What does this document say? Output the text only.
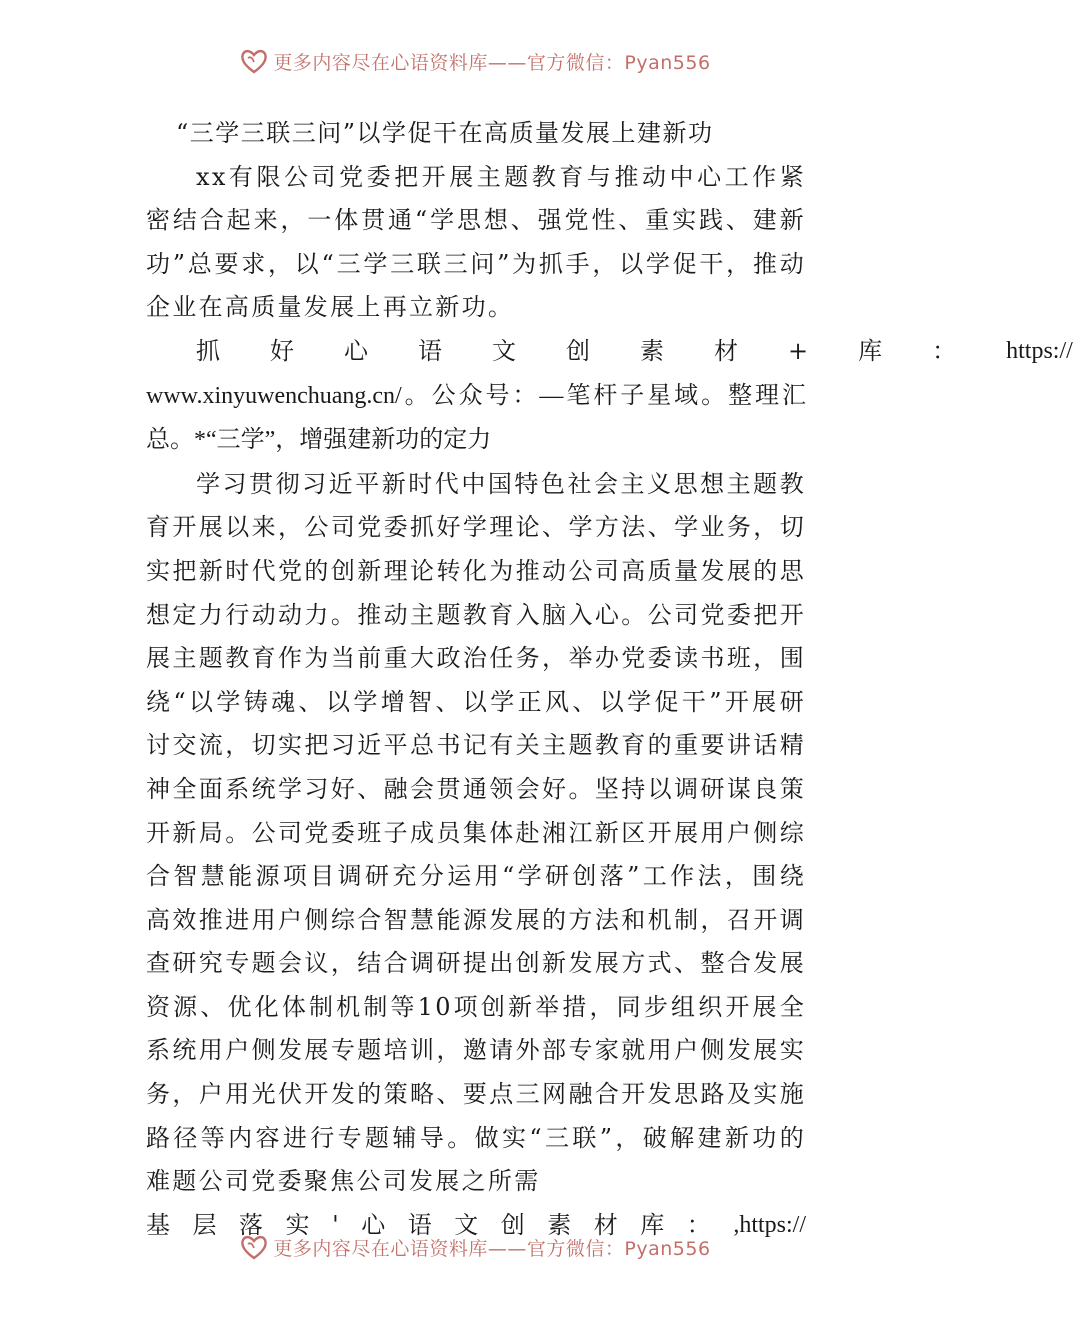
更多内容尽在心语资料库——官方微信：Pyan556

“三学三联三问”以学促干在高质量发展上建新功

xx有限公司党委把开展主题教育与推动中心工作紧密结合起来，一体贯通“学思想、强党性、重实践、建新功”总要求，以“三学三联三问”为抓手，以学促干，推动企业在高质量发展上再立新功。

抓	好	心	语	文	创	素	材	+	库	：	https://

www.xinyuwenchuang.cn/。公众号：—笔杆子星域。整理汇总。*“三学”，增强建新功的定力

学习贯彻习近平新时代中国特色社会主义思想主题教育开展以来，公司党委抓好学理论、学方法、学业务，切实把新时代党的创新理论转化为推动公司高质量发展的思想定力行动动力。推动主题教育入脑入心。公司党委把开展主题教育作为当前重大政治任务，举办党委读书班，围绕“以学铸魂、以学增智、以学正风、以学促干”开展研讨交流，切实把习近平总书记有关主题教育的重要讲话精神全面系统学习好、融会贯通领会好。坚持以调研谋良策开新局。公司党委班子成员集体赴湘江新区开展用户侧综合智慧能源项目调研充分运用“学研创落”工作法，围绕高效推进用户侧综合智慧能源发展的方法和机制，召开调查研究专题会议，结合调研提出创新发展方式、整合发展资源、优化体制机制等10项创新举措，同步组织开展全系统用户侧发展专题培训，邀请外部专家就用户侧发展实务，户用光伏开发的策略、要点三网融合开发思路及实施路径等内容进行专题辅导。做实“三联”，破解建新功的难题公司党委聚焦公司发展之所需

基 层 落 实 ' 心 语 文 创 素 材 库 ： ,https://

更多内容尽在心语资料库——官方微信：Pyan556
